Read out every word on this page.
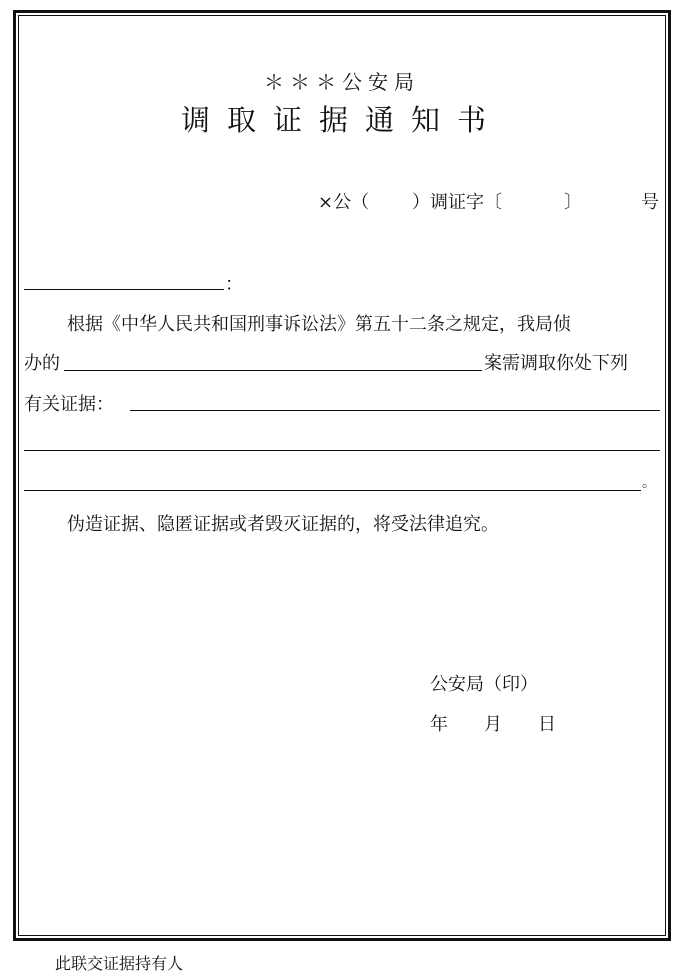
＊＊＊公安局
调取证据通知书
×公（ ）调证字〔	〕	号
：
根据《中华人民共和国刑事诉讼法》第五十二条之规定，我局侦
办的	案需调取你处下列
有关证据：
。
伪造证据、隐匿证据或者毁灭证据的，将受法律追究。
公安局（印）
年 月 日
此联交证据持有人
